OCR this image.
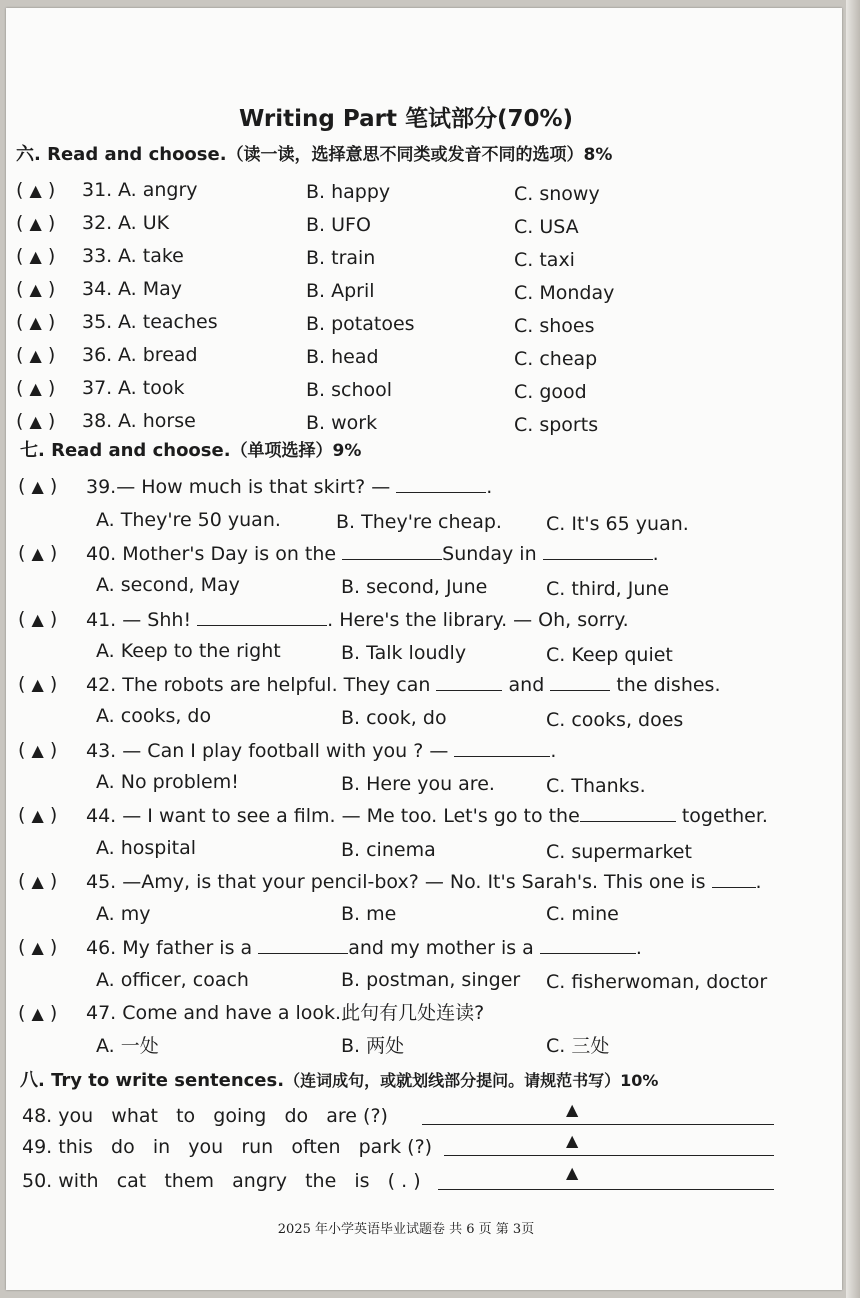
Writing Part 笔试部分(70%)
六. Read and choose.（读一读，选择意思不同类或发音不同的选项）8%
( ▲ ) 31. A. angry	B. happy	C. snowy
( ▲ ) 32. A. UK	B. UFO	C. USA
( ▲ ) 33. A. take	B. train	C. taxi
( ▲ ) 34. A. May	B. April	C. Monday
( ▲ ) 35. A. teaches	B. potatoes	C. shoes
( ▲ ) 36. A. bread	B. head	C. cheap
( ▲ ) 37. A. took	B. school	C. good
( ▲ ) 38. A. horse	B. work	C. sports
七. Read and choose.（单项选择）9%
( ▲ ) 39.— How much is that skirt? —	.
A. They're 50 yuan.	B. They're cheap. C. It's 65 yuan.
( ▲ ) 40. Mother's Day is on the	Sunday in	.
A. second, May	B. second, June	C. third, June
( ▲ ) 41. — Shh!	. Here's the library. — Oh, sorry.
A. Keep to the right	B. Talk loudly	C. Keep quiet
( ▲ ) 42. The robots are helpful. They can	and	the dishes.
A. cooks, do	B. cook, do	C. cooks, does
( ▲ ) 43. — Can I play football with you ? —	.
A. No problem!	B. Here you are.	C. Thanks.
( ▲ ) 44. — I want to see a film. — Me too. Let's go to the	together.
A. hospital	B. cinema	C. supermarket
( ▲ ) 45. —Amy, is that your pencil-box? — No. It's Sarah's. This one is	.
A. my	B. me	C. mine
( ▲ ) 46. My father is a	and my mother is a	.
A. officer, coach	B. postman, singer C. fisherwoman, doctor
( ▲ ) 47. Come and have a look.此句有几处连读?
A. 一处	B. 两处	C. 三处
八. Try to write sentences.（连词成句，或就划线部分提问。请规范书写）10%
48. you   what   to   going   do   are (?)	▲
49. this   do   in   you   run   often   park (?)	▲
50. with   cat   them   angry   the   is   ( . )	▲
2025 年小学英语毕业试题卷 共 6 页 第 3页
